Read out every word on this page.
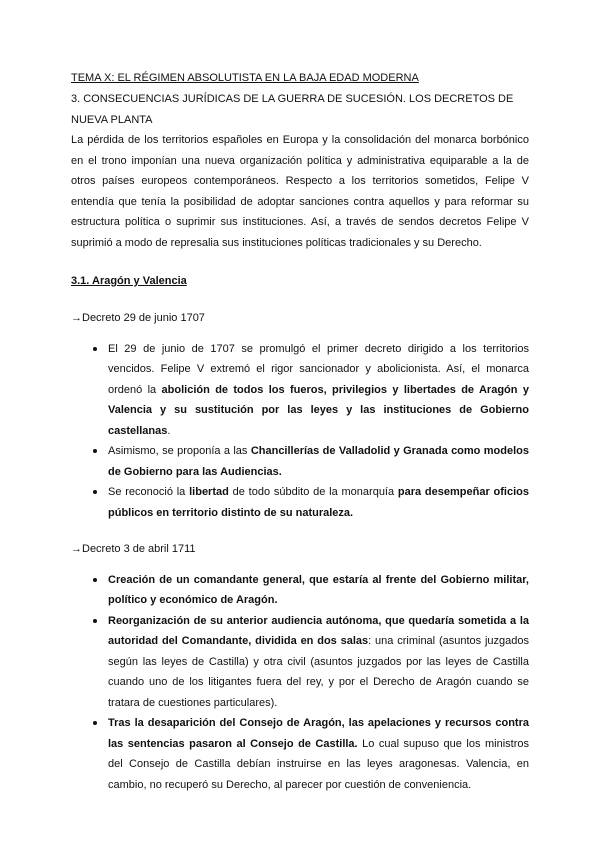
TEMA X: EL RÉGIMEN ABSOLUTISTA EN LA BAJA EDAD MODERNA
3. CONSECUENCIAS JURÍDICAS DE LA GUERRA DE SUCESIÓN. LOS DECRETOS DE NUEVA PLANTA

La pérdida de los territorios españoles en Europa y la consolidación del monarca borbónico en el trono imponían una nueva organización política y administrativa equiparable a la de otros países europeos contemporáneos. Respecto a los territorios sometidos, Felipe V entendía que tenía la posibilidad de adoptar sanciones contra aquellos y para reformar su estructura política o suprimir sus instituciones. Así, a través de sendos decretos Felipe V suprimió a modo de represalia sus instituciones políticas tradicionales y su Derecho.

3.1. Aragón y Valencia
→Decreto 29 de junio 1707
El 29 de junio de 1707 se promulgó el primer decreto dirigido a los territorios vencidos. Felipe V extremó el rigor sancionador y abolicionista. Así, el monarca ordenó la abolición de todos los fueros, privilegios y libertades de Aragón y Valencia y su sustitución por las leyes y las instituciones de Gobierno castellanas.
Asimismo, se proponía a las Chancillerías de Valladolid y Granada como modelos de Gobierno para las Audiencias.
Se reconoció la libertad de todo súbdito de la monarquía para desempeñar oficios públicos en territorio distinto de su naturaleza.
→Decreto 3 de abril 1711
Creación de un comandante general, que estaría al frente del Gobierno militar, político y económico de Aragón.
Reorganización de su anterior audiencia autónoma, que quedaría sometida a la autoridad del Comandante, dividida en dos salas: una criminal (asuntos juzgados según las leyes de Castilla) y otra civil (asuntos juzgados por las leyes de Castilla cuando uno de los litigantes fuera del rey, y por el Derecho de Aragón cuando se tratara de cuestiones particulares).
Tras la desaparición del Consejo de Aragón, las apelaciones y recursos contra las sentencias pasaron al Consejo de Castilla. Lo cual supuso que los ministros del Consejo de Castilla debían instruirse en las leyes aragonesas. Valencia, en cambio, no recuperó su Derecho, al parecer por cuestión de conveniencia.
